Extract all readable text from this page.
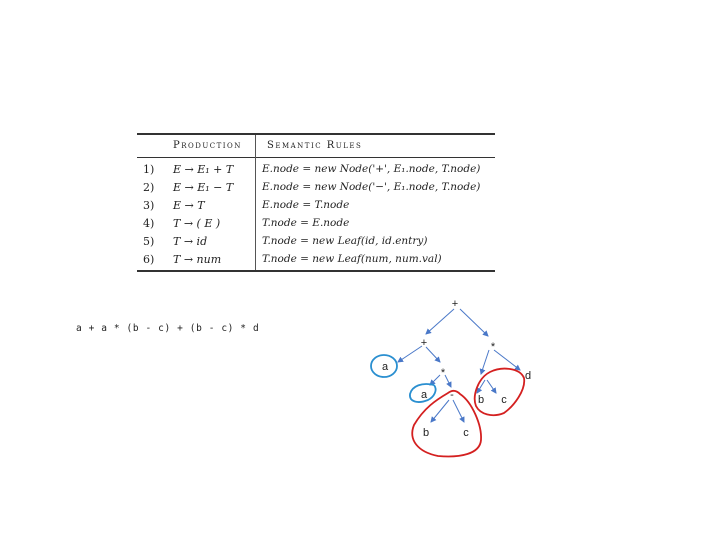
Production	Semantic Rules
1) E → E₁ + T	E.node = new Node('+', E₁.node, T.node)
2) E → E₁ − T	E.node = new Node('−', E₁.node, T.node)
3) E → T	E.node = T.node
4) T → ( E )	T.node = E.node
5) T → id	T.node = new Leaf(id, id.entry)
6) T → num	T.node = new Leaf(num, num.val)
a + a * (b - c) + (b - c) * d
+
+	*
a	*	d
a - b c
b	c
